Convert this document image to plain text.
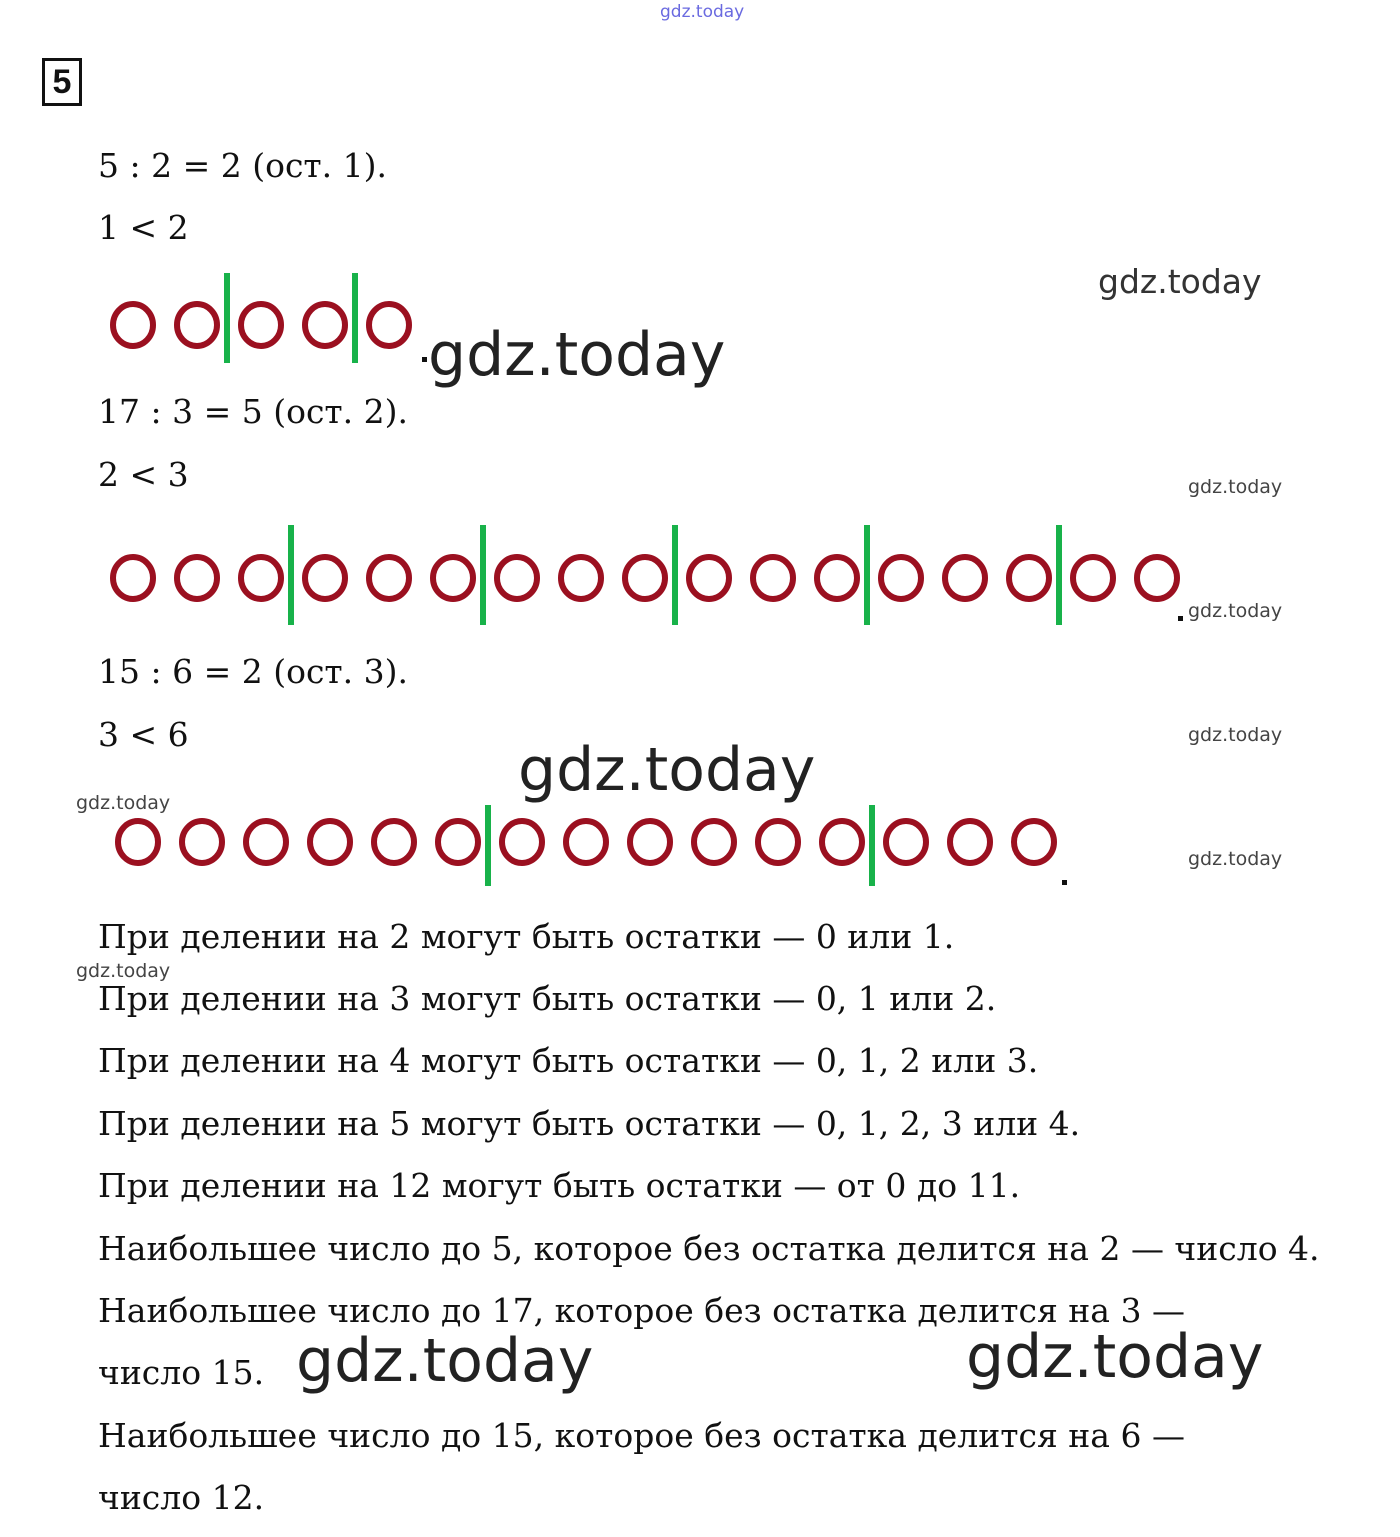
gdz.today
5
5 : 2 = 2 (ост. 1).
1 < 2
gdz.today
gdz.today
17 : 3 = 5 (ост. 2).
2 < 3	gdz.today
gdz.today
15 : 6 = 2 (ост. 3).
3 < 6	gdz.today
gdz.today
gdz.today
gdz.today
При делении на 2 могут быть остатки — 0 или 1.
gdz.today
При делении на 3 могут быть остатки — 0, 1 или 2.
При делении на 4 могут быть остатки — 0, 1, 2 или 3.
При делении на 5 могут быть остатки — 0, 1, 2, 3 или 4.
При делении на 12 могут быть остатки — от 0 до 11.
Наибольшее число до 5, которое без остатка делится на 2 — число 4.
Наибольшее число до 17, которое без остатка делится на 3 —
число 15. gdz.today	gdz.today
Наибольшее число до 15, которое без остатка делится на 6 —
число 12.
